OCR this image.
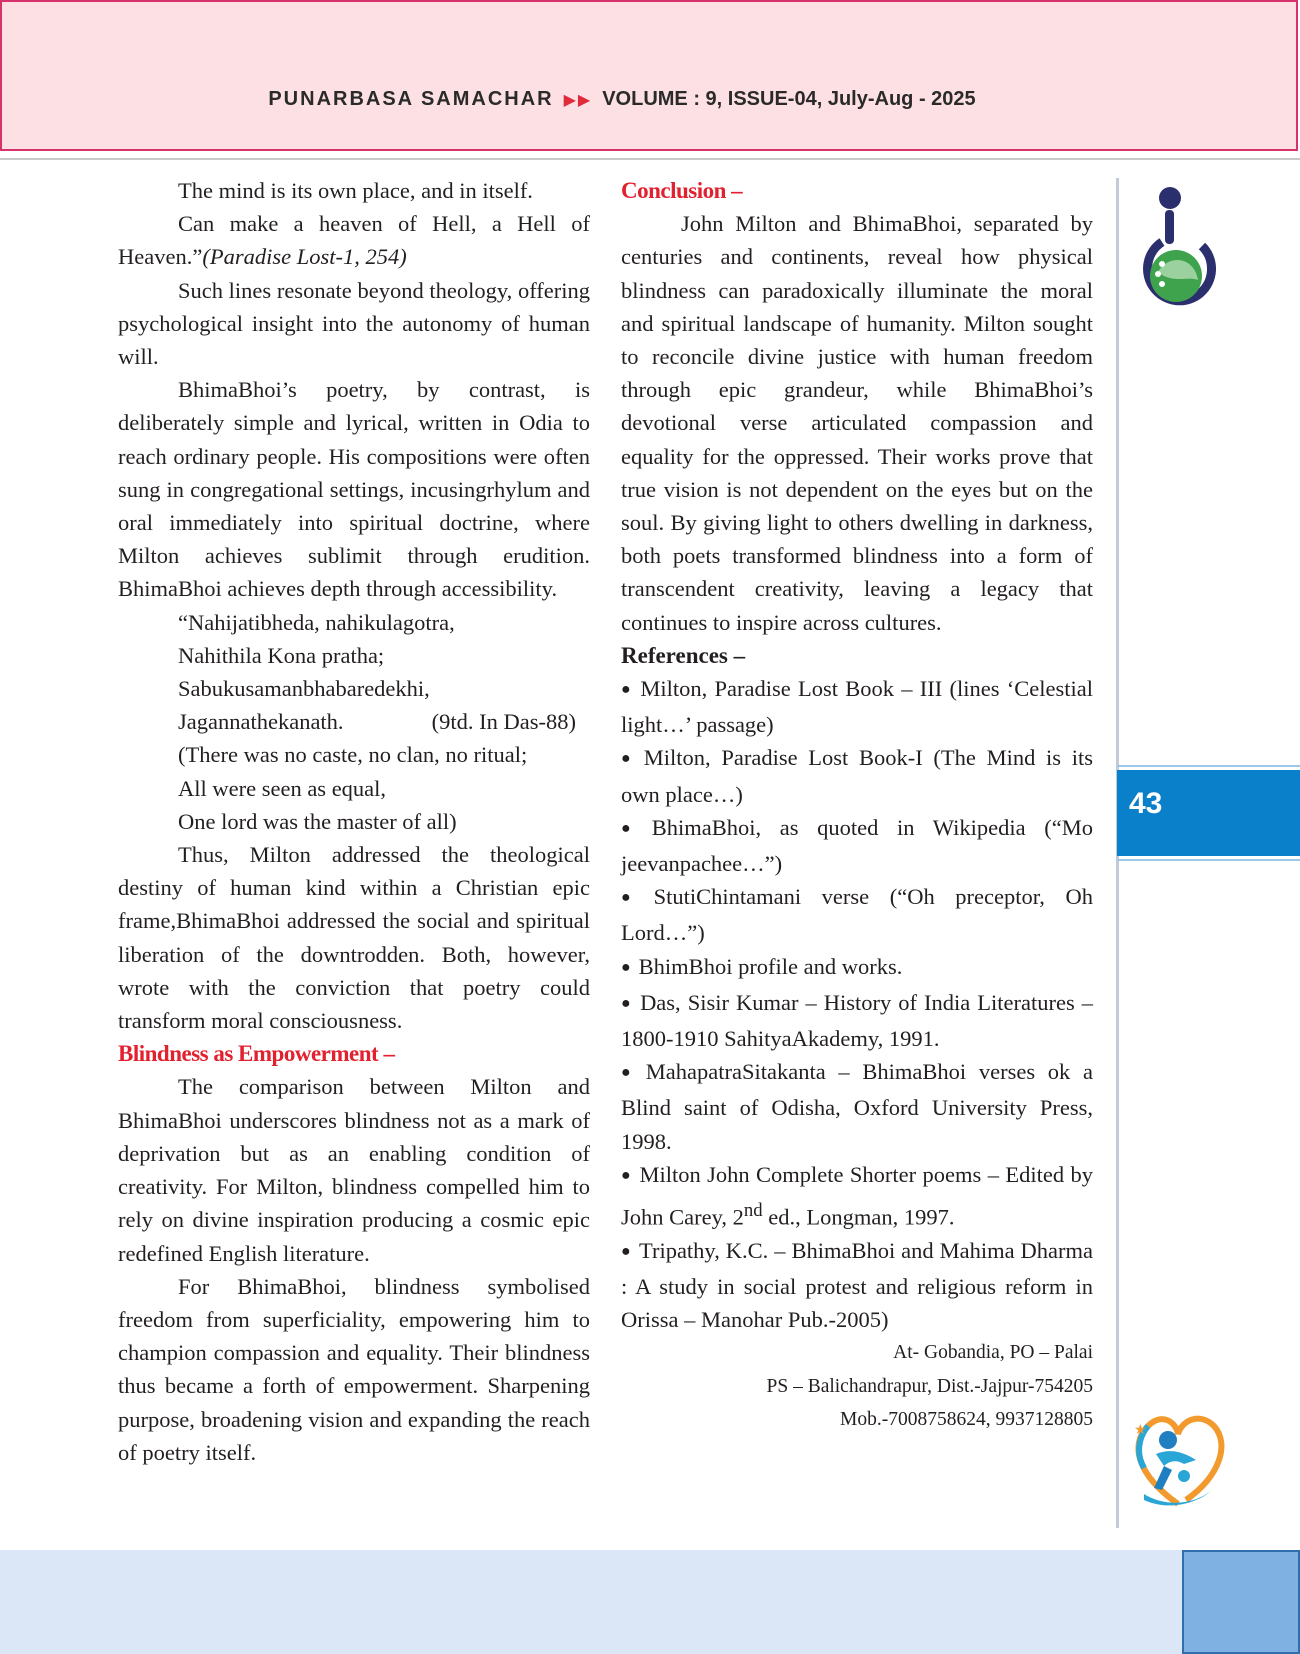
PUNARBASA SAMACHAR ▶▶ VOLUME : 9, ISSUE-04, July-Aug - 2025

The mind is its own place, and in itself.

Can make a heaven of Hell, a Hell of Heaven.”(Paradise Lost-1, 254)

Such lines resonate beyond theology, offering psychological insight into the autonomy of human will.

BhimaBhoi’s poetry, by contrast, is deliberately simple and lyrical, written in Odia to reach ordinary people. His compositions were often sung in congregational settings, incusingrhylum and oral immediately into spiritual doctrine, where Milton achieves sublimit through erudition. BhimaBhoi achieves depth through accessibility.

“Nahijatibheda, nahikulagotra,

Nahithila Kona pratha;

Sabukusamanbhabaredekhi,

Jagannathekanath.	(9td. In Das-88)

(There was no caste, no clan, no ritual;

All were seen as equal,

One lord was the master of all)

Thus, Milton addressed the theological destiny of human kind within a Christian epic frame,BhimaBhoi addressed the social and spiritual liberation of the downtrodden. Both, however, wrote with the conviction that poetry could transform moral consciousness.

Blindness as Empowerment –

The comparison between Milton and BhimaBhoi underscores blindness not as a mark of deprivation but as an enabling condition of creativity. For Milton, blindness compelled him to rely on divine inspiration producing a cosmic epic redefined English literature.

For BhimaBhoi, blindness symbolised freedom from superficiality, empowering him to champion compassion and equality. Their blindness thus became a forth of empowerment. Sharpening purpose, broadening vision and expanding the reach of poetry itself.

Conclusion –

John Milton and BhimaBhoi, separated by centuries and continents, reveal how physical blindness can paradoxically illuminate the moral and spiritual landscape of humanity. Milton sought to reconcile divine justice with human freedom through epic grandeur, while BhimaBhoi’s devotional verse articulated compassion and equality for the oppressed. Their works prove that true vision is not dependent on the eyes but on the soul. By giving light to others dwelling in darkness, both poets transformed blindness into a form of transcendent creativity, leaving a legacy that continues to inspire across cultures.

References –

● Milton, Paradise Lost Book – III (lines ‘Celestial light…’ passage)

● Milton, Paradise Lost Book-I (The Mind is its own place…)

● BhimaBhoi, as quoted in Wikipedia (“Mo jeevanpachee…”)

● StutiChintamani verse (“Oh preceptor, Oh Lord…”)

● BhimBhoi profile and works.

● Das, Sisir Kumar – History of India Literatures – 1800-1910 SahityaAkademy, 1991.

● MahapatraSitakanta – BhimaBhoi verses ok a Blind saint of Odisha, Oxford University Press, 1998.

● Milton John Complete Shorter poems – Edited by John Carey, 2nd ed., Longman, 1997.

● Tripathy, K.C. – BhimaBhoi and Mahima Dharma : A study in social protest and religious reform in Orissa – Manohar Pub.-2005)

At- Gobandia, PO – Palai

PS – Balichandrapur, Dist.-Jajpur-754205

Mob.-7008758624, 9937128805

43
★
